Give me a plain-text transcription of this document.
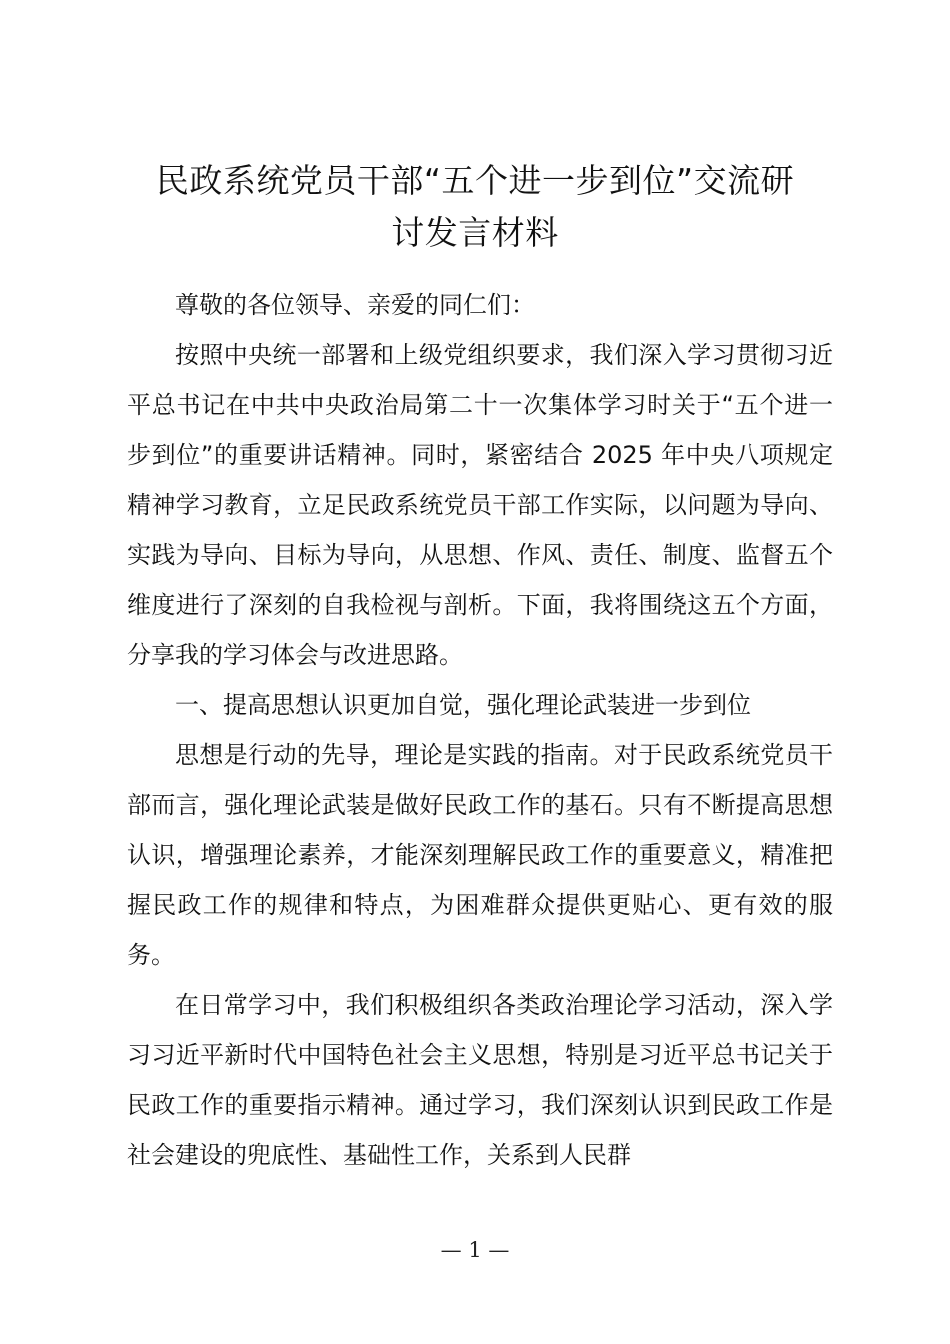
民政系统党员干部“五个进一步到位”交流研
讨发言材料

尊敬的各位领导、亲爱的同仁们：

按照中央统一部署和上级党组织要求，我们深入学习贯彻习近平总书记在中共中央政治局第二十一次集体学习时关于“五个进一步到位”的重要讲话精神。同时，紧密结合 2025 年中央八项规定精神学习教育，立足民政系统党员干部工作实际，以问题为导向、实践为导向、目标为导向，从思想、作风、责任、制度、监督五个维度进行了深刻的自我检视与剖析。下面，我将围绕这五个方面，分享我的学习体会与改进思路。

一、提高思想认识更加自觉，强化理论武装进一步到位

思想是行动的先导，理论是实践的指南。对于民政系统党员干部而言，强化理论武装是做好民政工作的基石。只有不断提高思想认识，增强理论素养，才能深刻理解民政工作的重要意义，精准把握民政工作的规律和特点，为困难群众提供更贴心、更有效的服务。

在日常学习中，我们积极组织各类政治理论学习活动，深入学习习近平新时代中国特色社会主义思想，特别是习近平总书记关于民政工作的重要指示精神。通过学习，我们深刻认识到民政工作是社会建设的兜底性、基础性工作，关系到人民群

— 1 —
